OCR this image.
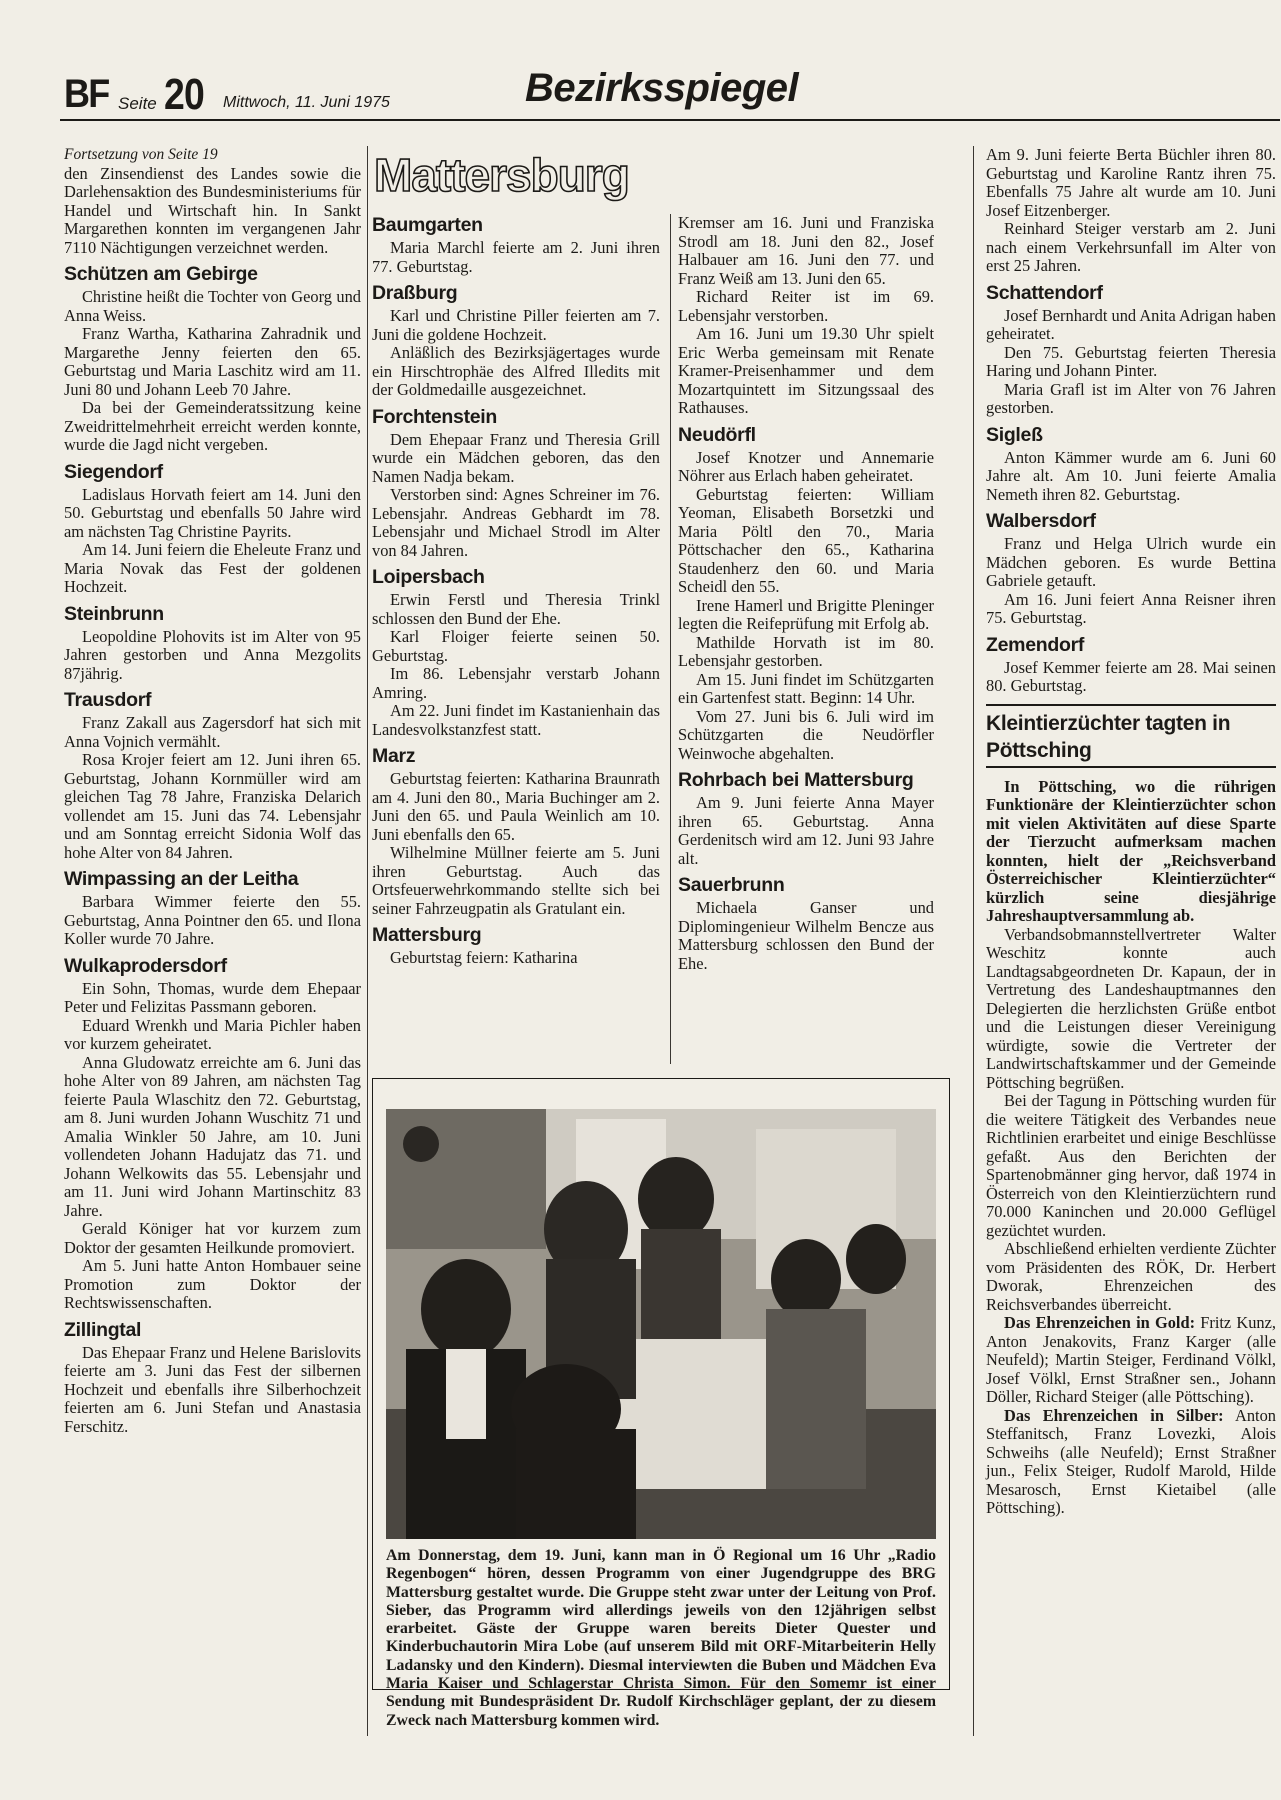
BF Seite 20 Mittwoch, 11. Juni 1975	Bezirksspiegel

Fortsetzung von Seite 19

den Zinsendienst des Landes sowie die Darlehensaktion des Bundesministeriums für Handel und Wirtschaft hin. In Sankt Margarethen konnten im vergangenen Jahr 7110 Nächtigungen verzeichnet werden.

Schützen am Gebirge

Christine heißt die Tochter von Georg und Anna Weiss.

Franz Wartha, Katharina Zahradnik und Margarethe Jenny feierten den 65. Geburtstag und Maria Laschitz wird am 11. Juni 80 und Johann Leeb 70 Jahre.

Da bei der Gemeinderatssitzung keine Zweidrittelmehrheit erreicht werden konnte, wurde die Jagd nicht vergeben.

Siegendorf

Ladislaus Horvath feiert am 14. Juni den 50. Geburtstag und ebenfalls 50 Jahre wird am nächsten Tag Christine Payrits.

Am 14. Juni feiern die Eheleute Franz und Maria Novak das Fest der goldenen Hochzeit.

Steinbrunn

Leopoldine Plohovits ist im Alter von 95 Jahren gestorben und Anna Mezgolits 87jährig.

Trausdorf

Franz Zakall aus Zagersdorf hat sich mit Anna Vojnich vermählt.

Rosa Krojer feiert am 12. Juni ihren 65. Geburtstag, Johann Kornmüller wird am gleichen Tag 78 Jahre, Franziska Delarich vollendet am 15. Juni das 74. Lebensjahr und am Sonntag erreicht Sidonia Wolf das hohe Alter von 84 Jahren.

Wimpassing an der Leitha

Barbara Wimmer feierte den 55. Geburtstag, Anna Pointner den 65. und Ilona Koller wurde 70 Jahre.

Wulkaprodersdorf

Ein Sohn, Thomas, wurde dem Ehepaar Peter und Felizitas Passmann geboren.

Eduard Wrenkh und Maria Pichler haben vor kurzem geheiratet.

Anna Gludowatz erreichte am 6. Juni das hohe Alter von 89 Jahren, am nächsten Tag feierte Paula Wlaschitz den 72. Geburtstag, am 8. Juni wurden Johann Wuschitz 71 und Amalia Winkler 50 Jahre, am 10. Juni vollendeten Johann Hadujatz das 71. und Johann Welkowits das 55. Lebensjahr und am 11. Juni wird Johann Martinschitz 83 Jahre.

Gerald Königer hat vor kurzem zum Doktor der gesamten Heilkunde promoviert.

Am 5. Juni hatte Anton Hombauer seine Promotion zum Doktor der Rechtswissenschaften.

Zillingtal

Das Ehepaar Franz und Helene Barislovits feierte am 3. Juni das Fest der silbernen Hochzeit und ebenfalls ihre Silberhochzeit feierten am 6. Juni Stefan und Anastasia Ferschitz.

Mattersburg
Baumgarten

Maria Marchl feierte am 2. Juni ihren 77. Geburtstag.

Draßburg

Karl und Christine Piller feierten am 7. Juni die goldene Hochzeit.

Anläßlich des Bezirksjägertages wurde ein Hirschtrophäe des Alfred Illedits mit der Goldmedaille ausgezeichnet.

Forchtenstein

Dem Ehepaar Franz und Theresia Grill wurde ein Mädchen geboren, das den Namen Nadja bekam.

Verstorben sind: Agnes Schreiner im 76. Lebensjahr. Andreas Gebhardt im 78. Lebensjahr und Michael Strodl im Alter von 84 Jahren.

Loipersbach

Erwin Ferstl und Theresia Trinkl schlossen den Bund der Ehe.

Karl Floiger feierte seinen 50. Geburtstag.

Im 86. Lebensjahr verstarb Johann Amring.

Am 22. Juni findet im Kastanienhain das Landesvolkstanzfest statt.

Marz

Geburtstag feierten: Katharina Braunrath am 4. Juni den 80., Maria Buchinger am 2. Juni den 65. und Paula Weinlich am 10. Juni ebenfalls den 65.

Wilhelmine Müllner feierte am 5. Juni ihren Geburtstag. Auch das Ortsfeuerwehrkommando stellte sich bei seiner Fahrzeugpatin als Gratulant ein.

Mattersburg

Geburtstag feiern: Katharina

Kremser am 16. Juni und Franziska Strodl am 18. Juni den 82., Josef Halbauer am 16. Juni den 77. und Franz Weiß am 13. Juni den 65.

Richard Reiter ist im 69. Lebensjahr verstorben.

Am 16. Juni um 19.30 Uhr spielt Eric Werba gemeinsam mit Renate Kramer-Preisenhammer und dem Mozartquintett im Sitzungssaal des Rathauses.

Neudörfl

Josef Knotzer und Annemarie Nöhrer aus Erlach haben geheiratet.

Geburtstag feierten: William Yeoman, Elisabeth Borsetzki und Maria Pöltl den 70., Maria Pöttschacher den 65., Katharina Staudenherz den 60. und Maria Scheidl den 55.

Irene Hamerl und Brigitte Pleninger legten die Reifeprüfung mit Erfolg ab.

Mathilde Horvath ist im 80. Lebensjahr gestorben.

Am 15. Juni findet im Schützgarten ein Gartenfest statt. Beginn: 14 Uhr.

Vom 27. Juni bis 6. Juli wird im Schützgarten die Neudörfler Weinwoche abgehalten.

Rohrbach bei Mattersburg

Am 9. Juni feierte Anna Mayer ihren 65. Geburtstag. Anna Gerdenitsch wird am 12. Juni 93 Jahre alt.

Sauerbrunn

Michaela Ganser und Diplomingenieur Wilhelm Bencze aus Mattersburg schlossen den Bund der Ehe.

Am Donnerstag, dem 19. Juni, kann man in Ö Regional um 16 Uhr „Radio Regenbogen“ hören, dessen Programm von einer Jugendgruppe des BRG Mattersburg gestaltet wurde. Die Gruppe steht zwar unter der Leitung von Prof. Sieber, das Programm wird allerdings jeweils von den 12jährigen selbst erarbeitet. Gäste der Gruppe waren bereits Dieter Quester und Kinderbuchautorin Mira Lobe (auf unserem Bild mit ORF-Mitarbeiterin Helly Ladansky und den Kindern). Diesmal interviewten die Buben und Mädchen Eva Maria Kaiser und Schlagerstar Christa Simon. Für den Somemr ist einer Sendung mit Bundespräsident Dr. Rudolf Kirchschläger geplant, der zu diesem Zweck nach Mattersburg kommen wird.

Am 9. Juni feierte Berta Büchler ihren 80. Geburtstag und Karoline Rantz ihren 75. Ebenfalls 75 Jahre alt wurde am 10. Juni Josef Eitzenberger.

Reinhard Steiger verstarb am 2. Juni nach einem Verkehrsunfall im Alter von erst 25 Jahren.

Schattendorf

Josef Bernhardt und Anita Adrigan haben geheiratet.

Den 75. Geburtstag feierten Theresia Haring und Johann Pinter.

Maria Grafl ist im Alter von 76 Jahren gestorben.

Sigleß

Anton Kämmer wurde am 6. Juni 60 Jahre alt. Am 10. Juni feierte Amalia Nemeth ihren 82. Geburtstag.

Walbersdorf

Franz und Helga Ulrich wurde ein Mädchen geboren. Es wurde Bettina Gabriele getauft.

Am 16. Juni feiert Anna Reisner ihren 75. Geburtstag.

Zemendorf

Josef Kemmer feierte am 28. Mai seinen 80. Geburtstag.

Kleintierzüchter tagten in Pöttsching

In Pöttsching, wo die rührigen Funktionäre der Kleintierzüchter schon mit vielen Aktivitäten auf diese Sparte der Tierzucht aufmerksam machen konnten, hielt der „Reichsverband Österreichischer Kleintierzüchter“ kürzlich seine diesjährige Jahreshauptversammlung ab.

Verbandsobmannstellvertreter Walter Weschitz konnte auch Landtagsabgeordneten Dr. Kapaun, der in Vertretung des Landeshauptmannes den Delegierten die herzlichsten Grüße entbot und die Leistungen dieser Vereinigung würdigte, sowie die Vertreter der Landwirtschaftskammer und der Gemeinde Pöttsching begrüßen.

Bei der Tagung in Pöttsching wurden für die weitere Tätigkeit des Verbandes neue Richtlinien erarbeitet und einige Beschlüsse gefaßt. Aus den Berichten der Spartenobmänner ging hervor, daß 1974 in Österreich von den Kleintierzüchtern rund 70.000 Kaninchen und 20.000 Geflügel gezüchtet wurden.

Abschließend erhielten verdiente Züchter vom Präsidenten des RÖK, Dr. Herbert Dworak, Ehrenzeichen des Reichsverbandes überreicht.

Das Ehrenzeichen in Gold: Fritz Kunz, Anton Jenakovits, Franz Karger (alle Neufeld); Martin Steiger, Ferdinand Völkl, Josef Völkl, Ernst Straßner sen., Johann Döller, Richard Steiger (alle Pöttsching).

Das Ehrenzeichen in Silber: Anton Steffanitsch, Franz Lovezki, Alois Schweihs (alle Neufeld); Ernst Straßner jun., Felix Steiger, Rudolf Marold, Hilde Mesarosch, Ernst Kietaibel (alle Pöttsching).
